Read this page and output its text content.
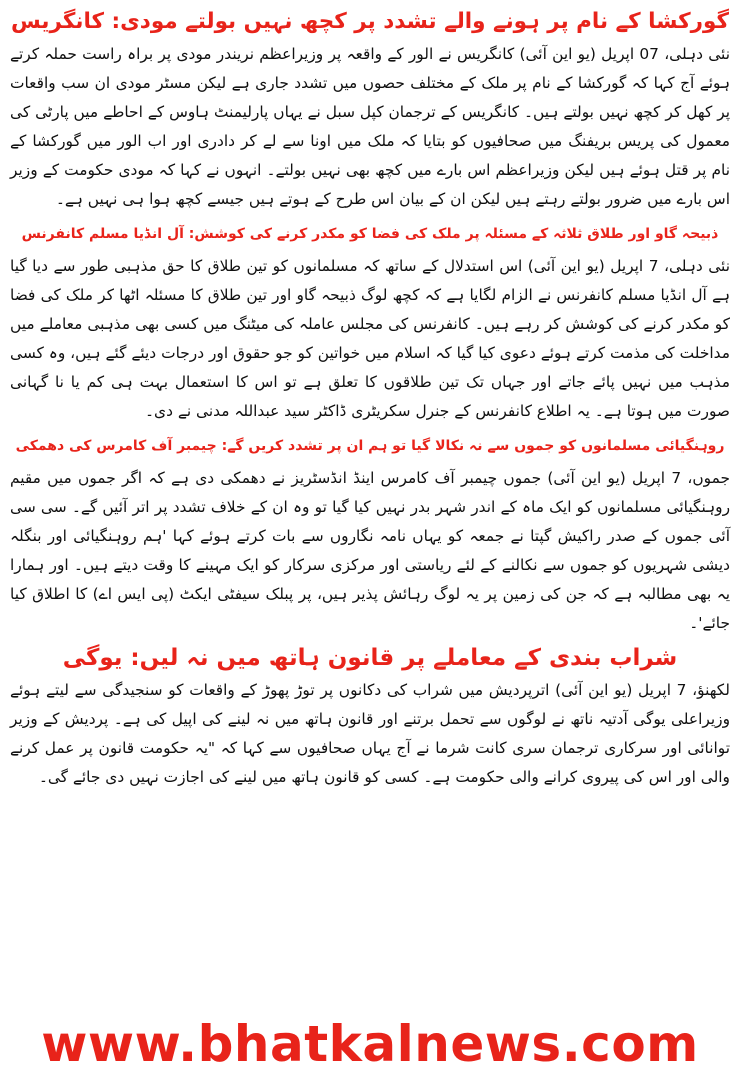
گورکشا کے نام پر ہونے والے تشدد پر کچھ نہیں بولتے مودی: کانگریس

نئی دہلی، 07 اپریل (یو این آئی) کانگریس نے الور کے واقعہ پر وزیراعظم نریندر مودی پر براہ راست حملہ کرتے ہوئے آج کہا کہ گورکشا کے نام پر ملک کے مختلف حصوں میں تشدد جاری ہے لیکن مسٹر مودی ان سب واقعات پر کھل کر کچھ نہیں بولتے ہیں۔ کانگریس کے ترجمان کپل سبل نے یہاں پارلیمنٹ ہاوس کے احاطے میں پارٹی کی معمول کی پریس بریفنگ میں صحافیوں کو بتایا کہ ملک میں اونا سے لے کر دادری اور اب الور میں گورکشا کے نام پر قتل ہوئے ہیں لیکن وزیراعظم اس بارے میں کچھ بھی نہیں بولتے۔ انہوں نے کہا کہ مودی حکومت کے وزیر اس بارے میں ضرور بولتے رہتے ہیں لیکن ان کے بیان اس طرح کے ہوتے ہیں جیسے کچھ ہوا ہی نہیں ہے۔

ذبیحہ گاو اور طلاق ثلاثہ کے مسئلہ پر ملک کی فضا کو مکدر کرنے کی کوشش: آل انڈیا مسلم کانفرنس

نئی دہلی، 7 اپریل (یو این آئی) اس استدلال کے ساتھ کہ مسلمانوں کو تین طلاق کا حق مذہبی طور سے دیا گیا ہے آل انڈیا مسلم کانفرنس نے الزام لگایا ہے کہ کچھ لوگ ذبیحہ گاو اور تین طلاق کا مسئلہ اٹھا کر ملک کی فضا کو مکدر کرنے کی کوشش کر رہے ہیں۔ کانفرنس کی مجلس عاملہ کی میٹنگ میں کسی بھی مذہبی معاملے میں مداخلت کی مذمت کرتے ہوئے دعوی کیا گیا کہ اسلام میں خواتین کو جو حقوق اور درجات دیئے گئے ہیں، وہ کسی مذہب میں نہیں پائے جاتے اور جہاں تک تین طلاقوں کا تعلق ہے تو اس کا استعمال بہت ہی کم یا نا گہانی صورت میں ہوتا ہے۔ یہ اطلاع کانفرنس کے جنرل سکریٹری ڈاکٹر سید عبداللہ مدنی نے دی۔

روہنگیائی مسلمانوں کو جموں سے نہ نکالا گیا تو ہم ان پر تشدد کریں گے: چیمبر آف کامرس کی دھمکی

جموں، 7 اپریل (یو این آئی) جموں چیمبر آف کامرس اینڈ انڈسٹریز نے دھمکی دی ہے کہ اگر جموں میں مقیم روہنگیائی مسلمانوں کو ایک ماہ کے اندر شہر بدر نہیں کیا گیا تو وہ ان کے خلاف تشدد پر اتر آئیں گے۔ سی سی آئی جموں کے صدر راکیش گپتا نے جمعہ کو یہاں نامہ نگاروں سے بات کرتے ہوئے کہا 'ہم روہنگیائی اور بنگلہ دیشی شہریوں کو جموں سے نکالنے کے لئے ریاستی اور مرکزی سرکار کو ایک مہینے کا وقت دیتے ہیں۔ اور ہمارا یہ بھی مطالبہ ہے کہ جن کی زمین پر یہ لوگ رہائش پذیر ہیں، پر پبلک سیفٹی ایکٹ (پی ایس اے) کا اطلاق کیا جائے'۔

شراب بندی کے معاملے پر قانون ہاتھ میں نہ لیں: یوگی

لکھنؤ، 7 اپریل (یو این آئی) اترپردیش میں شراب کی دکانوں پر توڑ پھوڑ کے واقعات کو سنجیدگی سے لیتے ہوئے وزیراعلی یوگی آدتیہ ناتھ نے لوگوں سے تحمل برتنے اور قانون ہاتھ میں نہ لینے کی اپیل کی ہے۔ پردیش کے وزیر توانائی اور سرکاری ترجمان سری کانت شرما نے آج یہاں صحافیوں سے کہا کہ "یہ حکومت قانون پر عمل کرنے والی اور اس کی پیروی کرانے والی حکومت ہے۔ کسی کو قانون ہاتھ میں لینے کی اجازت نہیں دی جائے گی۔

www.bhatkalnews.com
